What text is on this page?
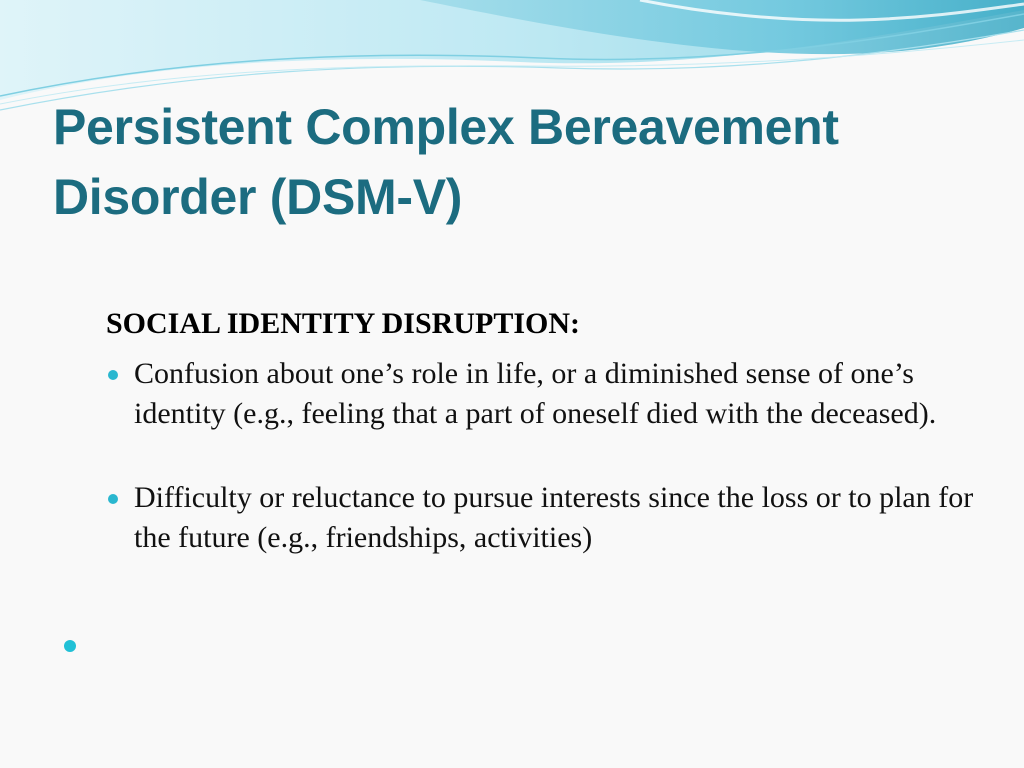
Persistent Complex Bereavement Disorder (DSM-V)
SOCIAL IDENTITY DISRUPTION:
Confusion about one’s role in life, or a diminished sense of one’s identity (e.g., feeling that a part of oneself died with the deceased).
Difficulty or reluctance to pursue interests since the loss or to plan for the future (e.g., friendships, activities)
